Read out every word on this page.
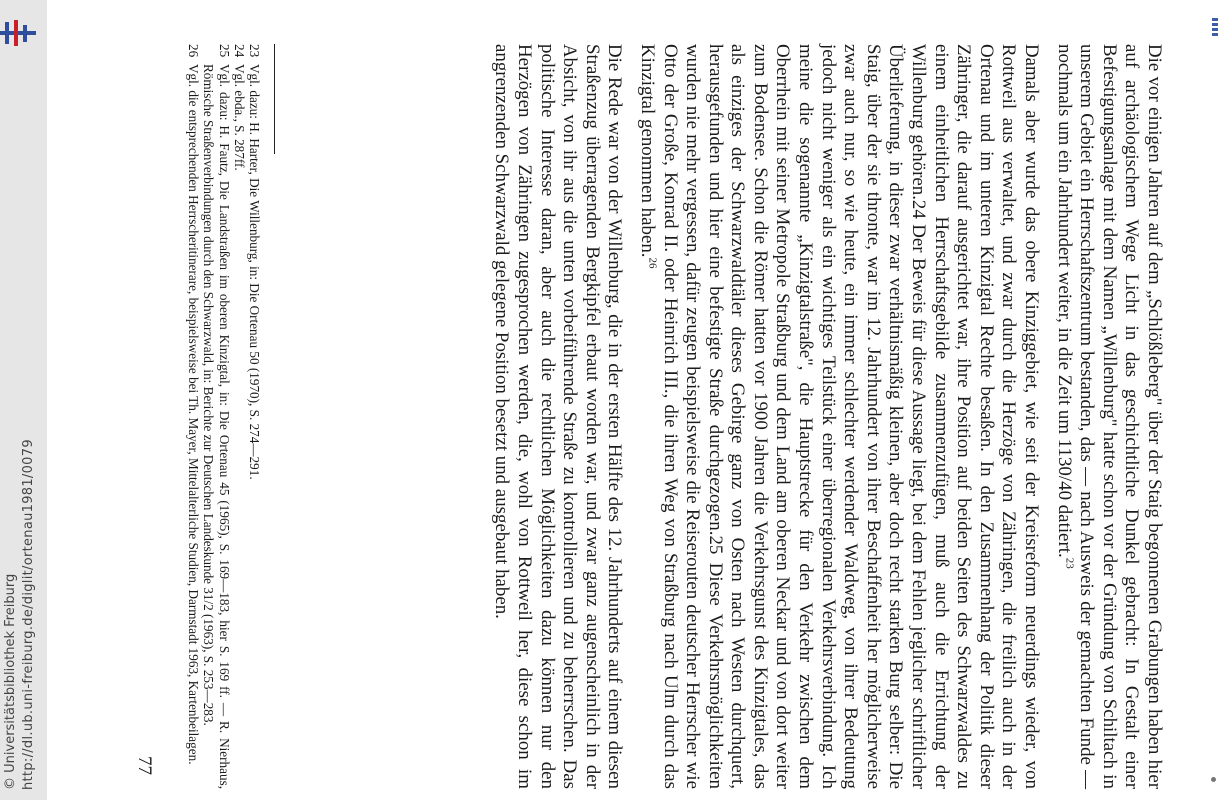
http://dl.ub.uni-freiburg.de/diglit/ortenau1981/0079
© Universitätsbibliothek Freiburg	Die vor einigen Jahren auf dem „Schlößleberg" über der Staig begonnenen Grabungen haben hier auf archäologischem Wege Licht in das geschichtliche Dunkel gebracht: In Gestalt einer Befestigungsanlage mit dem Namen „Willenburg" hatte schon vor der Gründung von Schiltach in unserem Gebiet ein Herrschaftszentrum bestanden, das — nach Ausweis der gemachten Funde — nochmals um ein Jahrhundert weiter, in die Zeit um 1130/40 datiert.$^{23}$

Damals aber wurde das obere Kinziggebiet, wie seit der Kreisreform neuerdings wieder, von Rottweil aus verwaltet, und zwar durch die Herzöge von Zähringen, die freilich auch in der Ortenau und im unteren Kinzigtal Rechte besaßen. In den Zusammenhang der Politik dieser Zähringer, die darauf ausgerichtet war, ihre Position auf beiden Seiten des Schwarzwaldes zu einem einheitlichen Herrschaftsgebilde zusammenzufügen, muß auch die Errichtung der Willenburg gehören.24 Der Beweis für diese Aussage liegt, bei dem Fehlen jeglicher schriftlicher Überlieferung, in dieser zwar verhältnismäßig kleinen, aber doch recht starken Burg selber: Die Staig, über der sie thronte, war im 12. Jahrhundert von ihrer Beschaffenheit her möglicherweise zwar auch nur, so wie heute, ein immer schlechter werdender Waldweg, von ihrer Bedeutung jedoch nicht weniger als ein wichtiges Teilstück einer überregionalen Verkehrsverbindung. Ich meine die sogenannte „Kinzigtalstraße", die Hauptstrecke für den Verkehr zwischen dem Oberrhein mit seiner Metropole Straßburg und dem Land am oberen Neckar und von dort weiter zum Bodensee. Schon die Römer hatten vor 1900 Jahren die Verkehrsgunst des Kinzigtales, das als einziges der Schwarzwaldtäler dieses Gebirge ganz von Osten nach Westen durchquert, herausgefunden und hier eine befestigte Straße durchgezogen.25 Diese Verkehrsmöglichkeiten wurden nie mehr vergessen, dafür zeugen beispielsweise die Reiserouten deutscher Herrscher wie Otto der Große, Konrad II. oder Heinrich III., die ihren Weg von Straßburg nach Ulm durch das Kinzigtal genommen haben.$^{26}$

Die Rede war von der Willenburg, die in der ersten Hälfte des 12. Jahrhunderts auf einem diesen Straßenzug überragenden Bergkipfel erbaut worden war, und zwar ganz augenscheinlich in der Absicht, von ihr aus die unten vorbeiführende Straße zu kontrollieren und zu beherrschen. Das politische Interesse daran, aber auch die rechtlichen Möglichkeiten dazu können nur den Herzögen von Zähringen zugesprochen werden, die, wohl von Rottweil her, diese schon im angrenzenden Schwarzwald gelegene Position besetzt und ausgebaut haben.

23
Vgl. dazu: H. Harter, Die Willenburg, in: Die Ortenau 50 (1970), S. 274—291.
24
Vgl. ebda., S. 287ff.
25
Vgl. dazu: H. Fautz, Die Landstraßen im oberen Kinzigtal, in: Die Ortenau 45 (1965), S. 169—183, hier S. 169 ff. — R. Nierhaus, Römische Straßenverbindungen durch den Schwarzwald, in: Berichte zur Deutschen Landeskunde 31/2 (1963), S. 253—283.
26
Vgl. die entsprechenden Herrscheritinerare, beispielsweise bei Th. Mayer, Mittelalterliche Studien, Darmstadt 1963, Kartenbeilagen.
77
